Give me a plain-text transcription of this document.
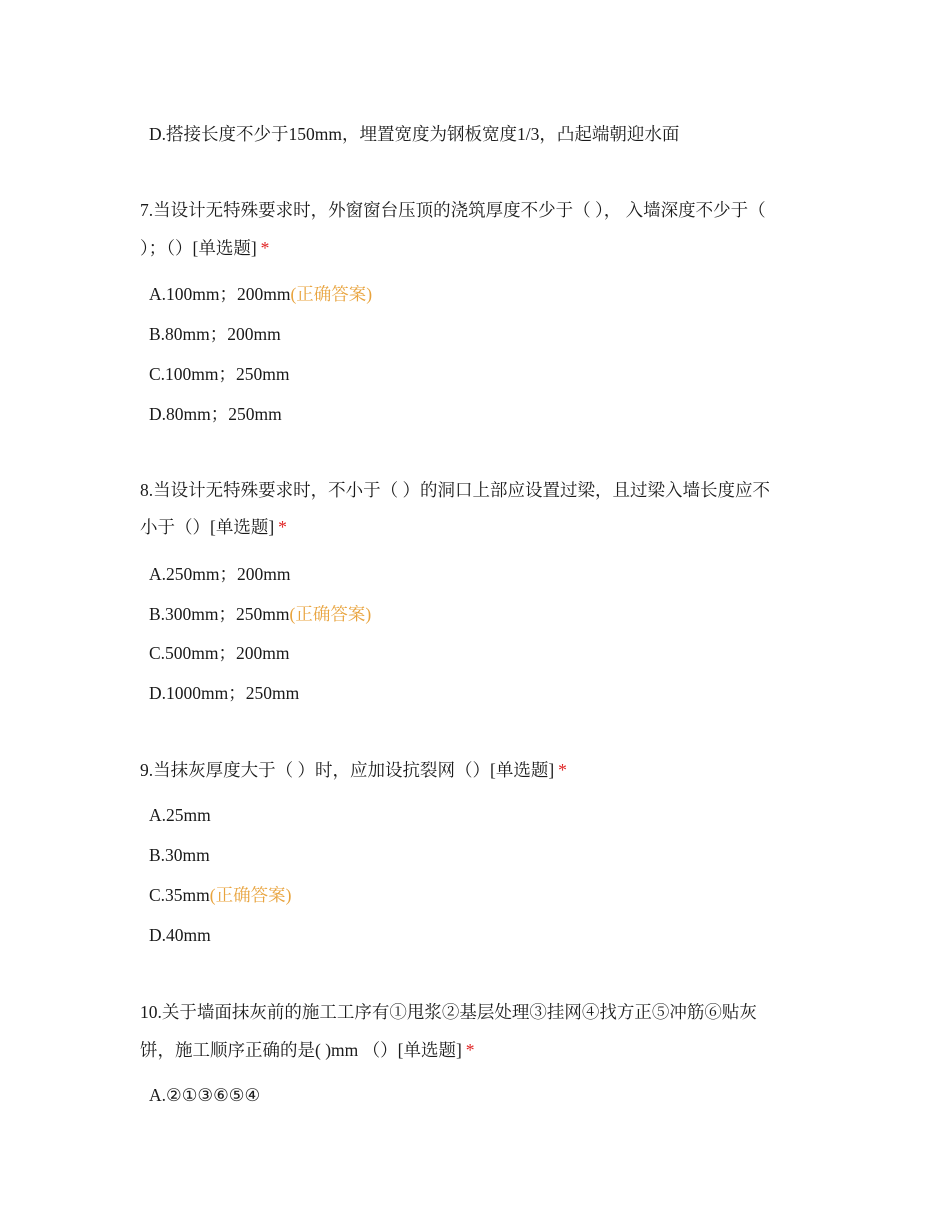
D.搭接长度不少于150mm，埋置宽度为钢板宽度1/3，凸起端朝迎水面
7.当设计无特殊要求时，外窗窗台压顶的浇筑厚度不少于（ ）， 入墙深度不少于（
）；（）[单选题] *
A.100mm；200mm(正确答案)
B.80mm；200mm
C.100mm；250mm
D.80mm；250mm
8.当设计无特殊要求时，不小于（ ）的洞口上部应设置过梁，且过梁入墙长度应不
小于（）[单选题] *
A.250mm；200mm
B.300mm；250mm(正确答案)
C.500mm；200mm
D.1000mm；250mm
9.当抹灰厚度大于（ ）时，应加设抗裂网（）[单选题] *
A.25mm
B.30mm
C.35mm(正确答案)
D.40mm
10.关于墙面抹灰前的施工工序有①甩浆②基层处理③挂网④找方正⑤冲筋⑥贴灰
饼，施工顺序正确的是( )mm （）[单选题] *
A.②①③⑥⑤④
